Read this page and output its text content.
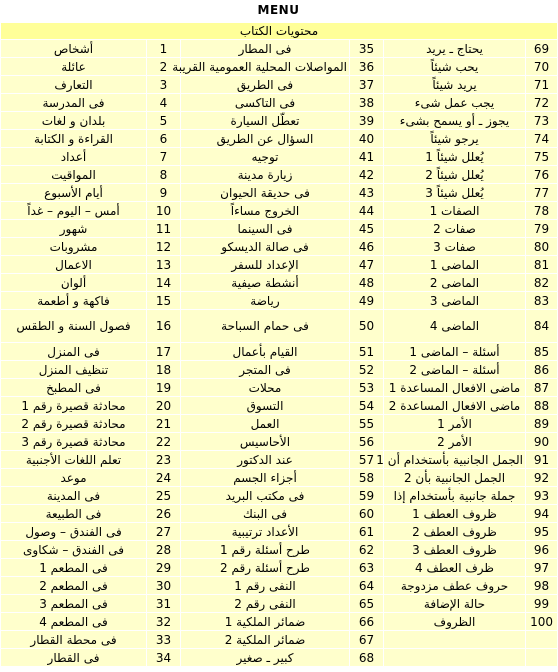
MENU
محتويات الكتاب					
أشخاص	1	فى المطار	35	يحتاج ـ يريد	69
عائلة	2	المواصلات المحلية العمومية القريبة	36	يحب شيئاً	70
التعارف	3	فى الطريق	37	يريد شيئاً	71
فى المدرسة	4	فى التاكسى	38	يجب عمل شىء	72
بلدان و لغات	5	تعطّل السيارة	39	يجوز ـ أو يسمح بشىء	73
القراءة و الكتابة	6	السؤال عن الطريق	40	يرجو شيئاً	74
أعداد	7	توجيه	41	يُعلل شيئاً 1	75
المواقيت	8	زيارة مدينة	42	يُعلل شيئاً 2	76
أيام الأسبوع	9	فى حديقة الحيوان	43	يُعلل شيئاً 3	77
أمس – اليوم – غداً	10	الخروج مساءاً	44	الصفات 1	78
شهور	11	فى السينما	45	صفات 2	79
مشروبات	12	فى صالة الديسكو	46	صفات 3	80
الاعمال	13	الإعداد للسفر	47	الماضى 1	81
ألوان	14	أنشطة صيفية	48	الماضى 2	82
فاكهة و أطعمة	15	رياضة	49	الماضى 3	83
فصول السنة و الطقس	16	فى حمام السباحة	50	الماضى 4	84
فى المنزل	17	القيام بأعمال	51	أسئلة – الماضى 1	85
تنظيف المنزل	18	فى المتجر	52	أسئلة – الماضى 2	86
فى المطبخ	19	محلات	53	ماضى الافعال المساعدة 1	87
محادثة قصيرة رقم 1	20	التسوق	54	ماضى الافعال المساعدة 2	88
محادثة قصيرة رقم 2	21	العمل	55	الأمر 1	89
محادثة قصيرة رقم 3	22	الأحاسيس	56	الأمر 2	90
تعلم اللغات الأجنبية	23	عند الدكتور	57	الجمل الجانبية بأستخدام أن 1	91
موعد	24	أجزاء الجسم	58	الجمل الجانبية بأن 2	92
فى المدينة	25	فى مكتب البريد	59	جملة جانبية بأستخدام إذا	93
فى الطبيعة	26	فى البنك	60	ظروف العطف 1	94
فى الفندق – وصول	27	الأعداد ترتيبية	61	ظروف العطف 2	95
فى الفندق – شكاوى	28	طرح أسئلة رقم 1	62	ظروف العطف 3	96
فى المطعم 1	29	طرح أسئلة رقم 2	63	ظرف العطف 4	97
فى المطعم 2	30	النفى رقم 1	64	حروف عطف مزدوجة	98
فى المطعم 3	31	النفى رقم 2	65	حالة الإضافة	99
فى المطعم 4	32	ضمائر الملكية 1	66	الظروف	100
فى محطة القطار	33	ضمائر الملكية 2	67		
فى القطار	34	كبير ـ صغير	68		
